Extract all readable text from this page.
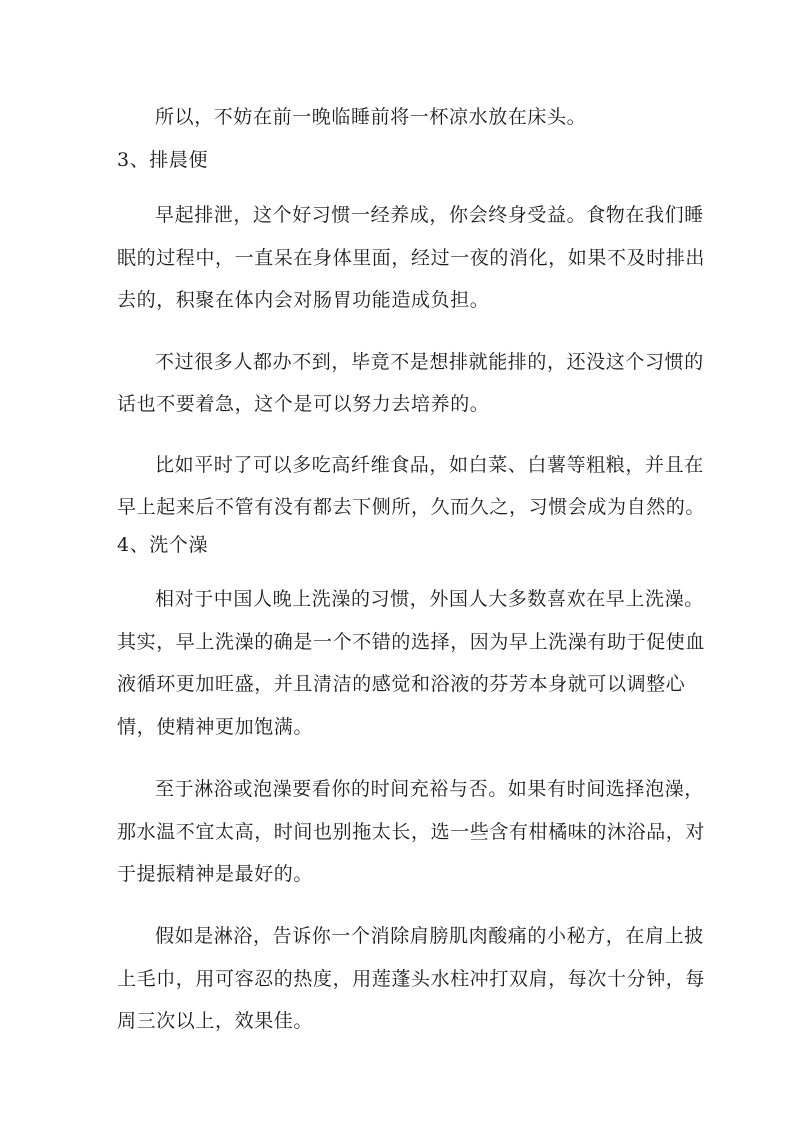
所以，不妨在前一晚临睡前将一杯凉水放在床头。
3、排晨便
早起排泄，这个好习惯一经养成，你会终身受益。食物在我们睡
眠的过程中，一直呆在身体里面，经过一夜的消化，如果不及时排出
去的，积聚在体内会对肠胃功能造成负担。
不过很多人都办不到，毕竟不是想排就能排的，还没这个习惯的
话也不要着急，这个是可以努力去培养的。
比如平时了可以多吃高纤维食品，如白菜、白薯等粗粮，并且在
早上起来后不管有没有都去下侧所，久而久之，习惯会成为自然的。
4、洗个澡
相对于中国人晚上洗澡的习惯，外国人大多数喜欢在早上洗澡。
其实，早上洗澡的确是一个不错的选择，因为早上洗澡有助于促使血
液循环更加旺盛，并且清洁的感觉和浴液的芬芳本身就可以调整心
情，使精神更加饱满。
至于淋浴或泡澡要看你的时间充裕与否。如果有时间选择泡澡，
那水温不宜太高，时间也别拖太长，选一些含有柑橘味的沐浴品，对
于提振精神是最好的。
假如是淋浴，告诉你一个消除肩膀肌肉酸痛的小秘方，在肩上披
上毛巾，用可容忍的热度，用莲蓬头水柱冲打双肩，每次十分钟，每
周三次以上，效果佳。
